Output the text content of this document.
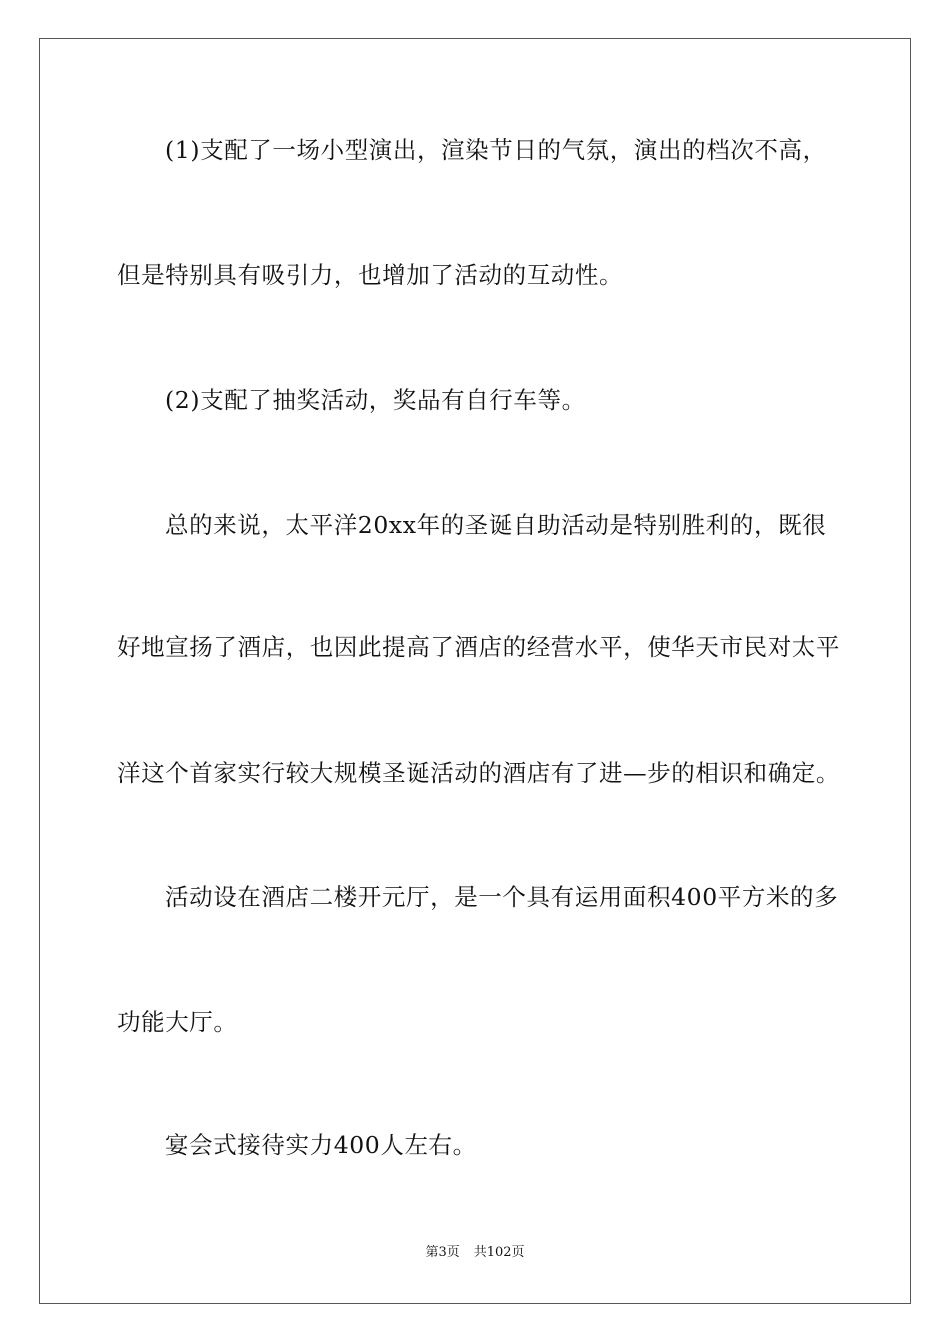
(1)支配了一场小型演出，渲染节日的气氛，演出的档次不高，
但是特别具有吸引力，也增加了活动的互动性。
(2)支配了抽奖活动，奖品有自行车等。
总的来说，太平洋20xx年的圣诞自助活动是特别胜利的，既很
好地宣扬了酒店，也因此提高了酒店的经营水平，使华天市民对太平
洋这个首家实行较大规模圣诞活动的酒店有了进—步的相识和确定。
活动设在酒店二楼开元厅，是一个具有运用面积400平方米的多
功能大厅。
宴会式接待实力400人左右。
第3页 共102页
